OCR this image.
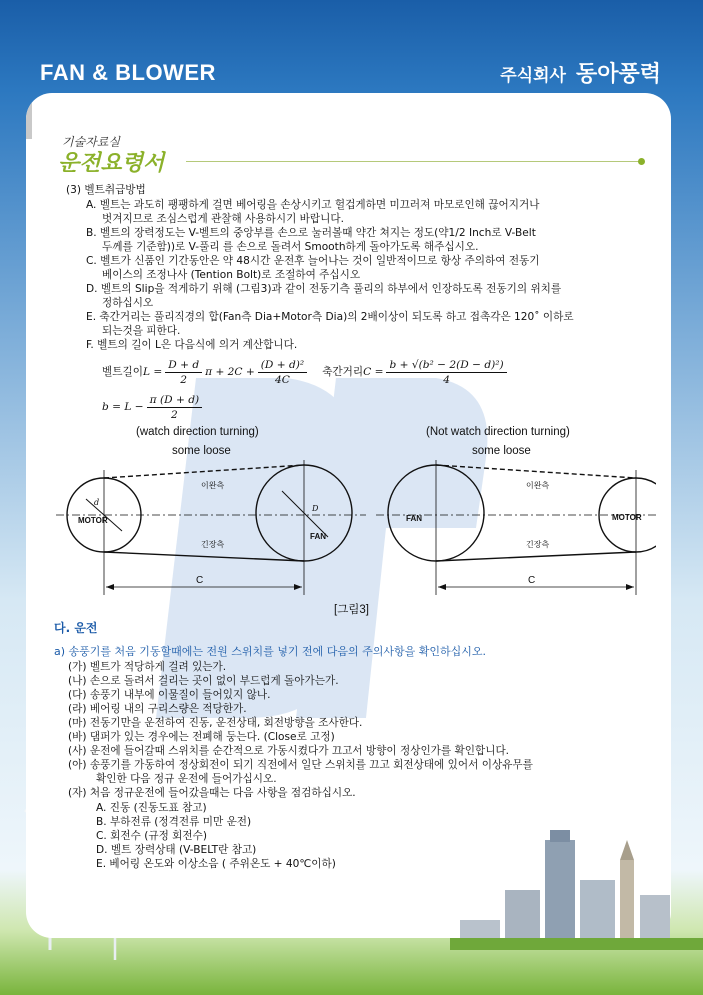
FAN & BLOWER	주식회사 동아풍력
기술자료실
운전요령서
(3) 벨트취급방법
A. 벨트는 과도히 팽팽하게 걸면 베어링을 손상시키고 헐겁게하면 미끄러져 마모로인해 끊어지거나
벗겨지므로 조심스럽게 관찰해 사용하시기 바랍니다.
B. 벨트의 장력정도는 V-벨트의 중앙부를 손으로 눌러볼때 약간 쳐지는 정도(약1/2 Inch로 V-Belt
두께를 기준함))로 V-풀리 를 손으로 돌려서 Smooth하게 돌아가도록 해주십시오.
C. 벨트가 신품인 기간동안은 약 48시간 운전후 늘어나는 것이 일반적이므로 항상 주의하여 전동기
베이스의 조정나사 (Tention Bolt)로 조절하여 주십시오
D. 벨트의 Slip을 적게하기 위해 (그림3)과 같이 전동기측 풀리의 하부에서 인장하도록 전동기의 위치를
정하십시오
E. 축간거리는 풀리직경의 합(Fan측 Dia+Motor측 Dia)의 2배이상이 되도록 하고 접촉각은 120˚ 이하로
되는것을 피한다.
F. 벨트의 길이 L은 다음식에 의거 계산합니다.
벨트길이 $L = \frac{D + d}{2}$ $\pi + 2C + \frac{\text{(D + d)²}}{4C}$ 축간거리 $C = \frac{\text{b + √(b² − 2(D − d)²)}}{4}$
$b = L - \frac{\pi (D + d)}{2}$
(watch direction turning)
some loose
(Not watch direction turning)
some loose
MOTOR
FAN
이완측
긴장측
C
D
d
FAN	MOTOR
이완측
긴장측
C
[그림3]
다. 운전
a) 송풍기를 처음 기동할때에는 전원 스위치를 넣기 전에 다음의 주의사항을 확인하십시오.
(가) 벨트가 적당하게 걸려 있는가.
(나) 손으로 돌려서 걸리는 곳이 없이 부드럽게 돌아가는가.
(다) 송풍기 내부에 이물질이 들어있지 않나.
(라) 베어링 내의 구리스량은 적당한가.
(마) 전동기만을 운전하여 진동, 운전상태, 회전방향을 조사한다.
(바) 댐퍼가 있는 경우에는 전폐해 둥는다. (Close로 고정)
(사) 운전에 들어갈때 스위치를 순간적으로 가동시켰다가 끄고서 방향이 정상인가를 확인합니다.
(아) 송풍기를 가동하여 정상회전이 되기 직전에서 일단 스위치를 끄고 회전상태에 있어서 이상유무를
확인한 다음 정규 운전에 들어가십시오.
(자) 처음 정규운전에 들어갔을때는 다음 사항을 점검하십시오.
A. 진동 (진동도표 참고)
B. 부하전류 (정격전류 미만 운전)
C. 회전수 (규정 회전수)
D. 벨트 장력상태 (V-BELT란 참고)
E. 베어링 온도와 이상소음 ( 주위온도 + 40℃이하)
